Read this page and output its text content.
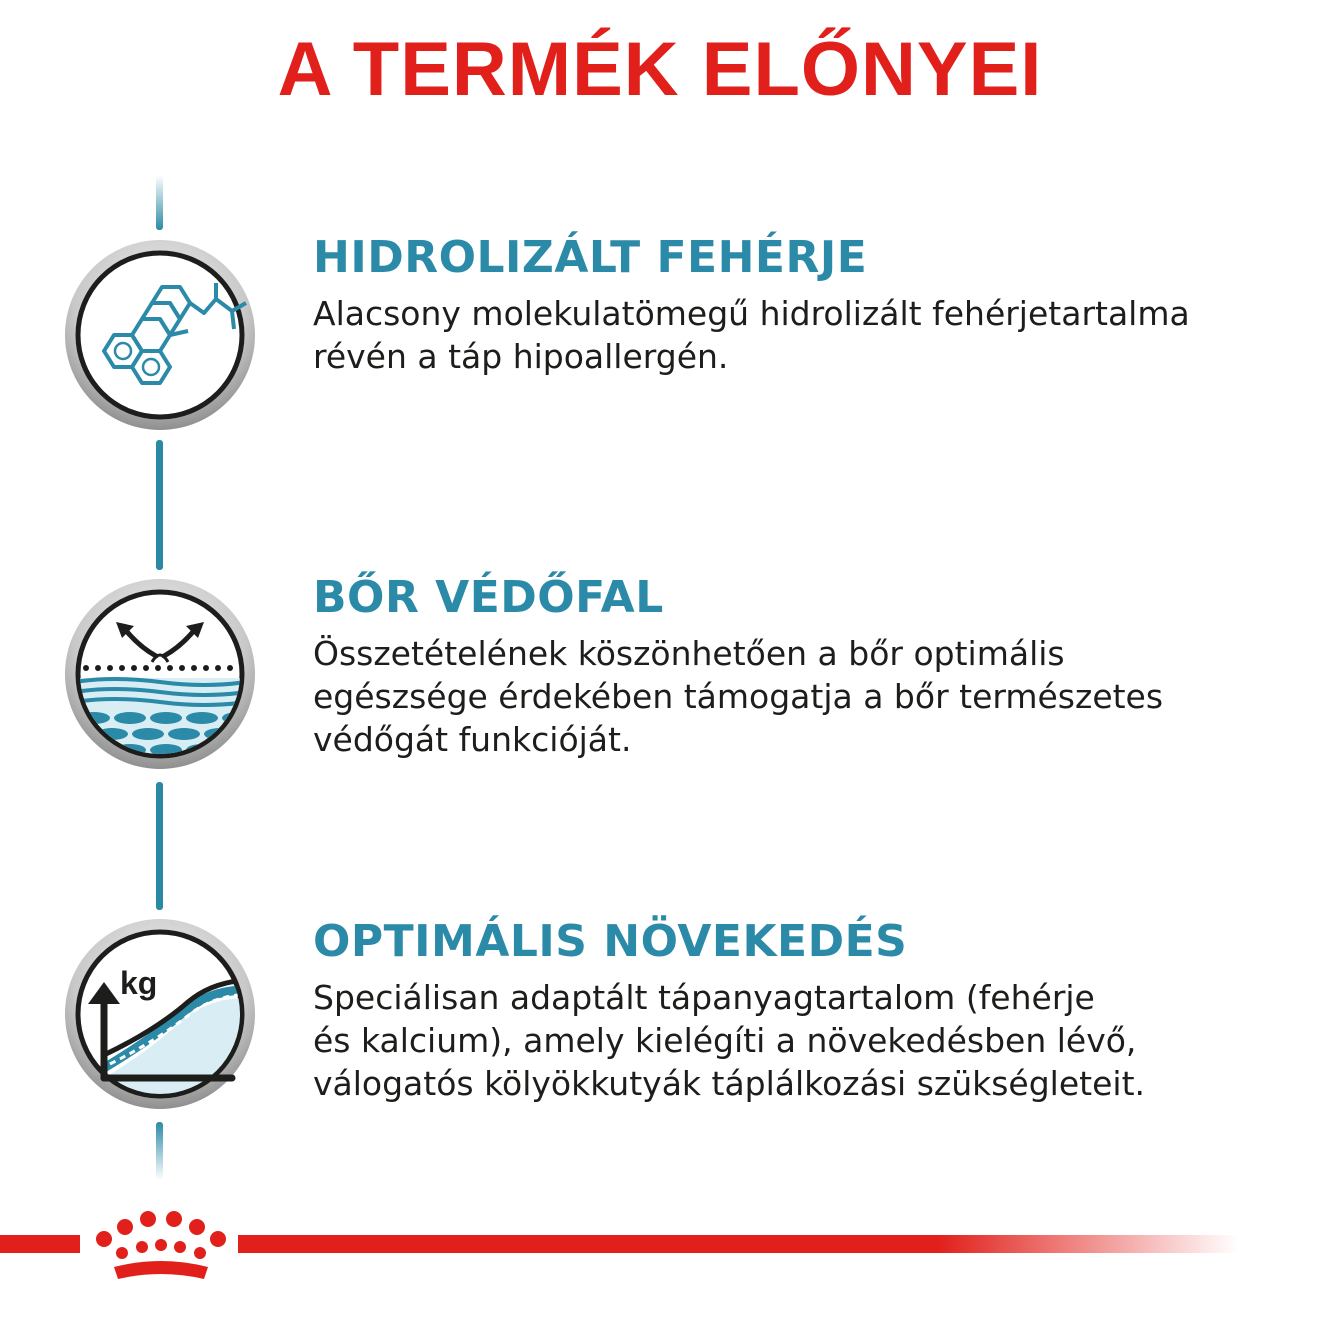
A TERMÉK ELŐNYEI
kg
HIDROLIZÁLT FEHÉRJE

Alacsony molekulatömegű hidrolizált fehérjetartalma
révén a táp hipoallergén.

BŐR VÉDŐFAL

Összetételének köszönhetően a bőr optimális
egészsége érdekében támogatja a bőr természetes
védőgát funkcióját.

OPTIMÁLIS NÖVEKEDÉS

Speciálisan adaptált tápanyagtartalom (fehérje
és kalcium), amely kielégíti a növekedésben lévő,
válogatós kölyökkutyák táplálkozási szükségleteit.
